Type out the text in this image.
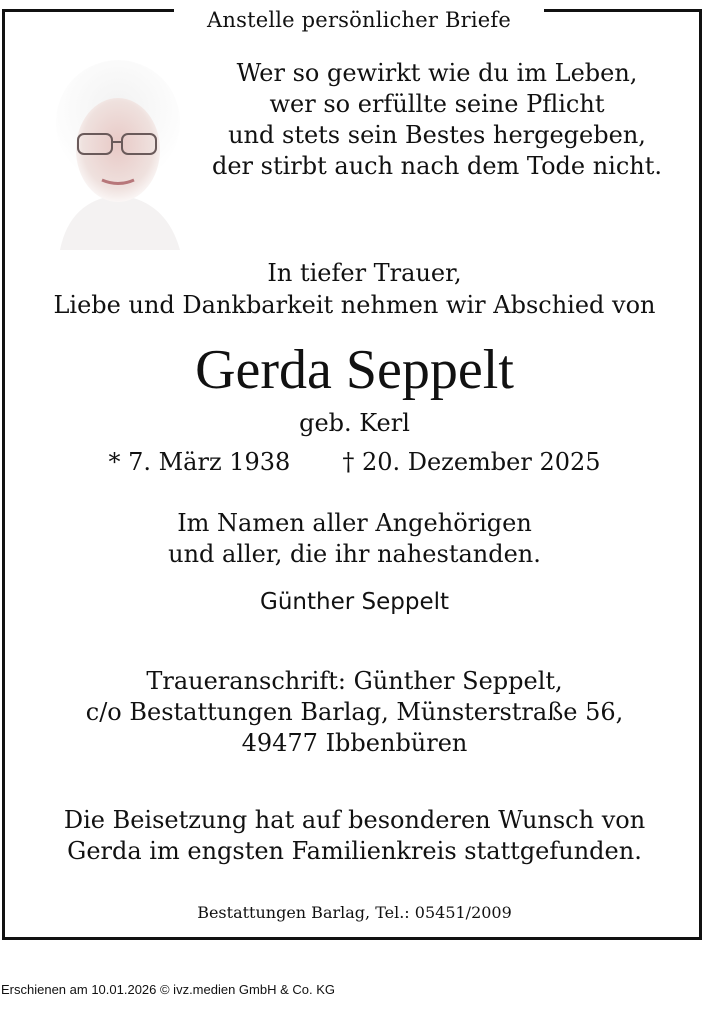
Anstelle persönlicher Briefe
Wer so gewirkt wie du im Leben,
wer so erfüllte seine Pflicht
und stets sein Bestes hergegeben,
der stirbt auch nach dem Tode nicht.
In tiefer Trauer,
Liebe und Dankbarkeit nehmen wir Abschied von
Gerda Seppelt
geb. Kerl
* 7. März 1938 † 20. Dezember 2025
Im Namen aller Angehörigen
und aller, die ihr nahestanden.
Günther Seppelt
Traueranschrift: Günther Seppelt,
c/o Bestattungen Barlag, Münsterstraße 56,
49477 Ibbenbüren
Die Beisetzung hat auf besonderen Wunsch von
Gerda im engsten Familienkreis stattgefunden.
Bestattungen Barlag, Tel.: 05451/2009
Erschienen am 10.01.2026 © ivz.medien GmbH & Co. KG
